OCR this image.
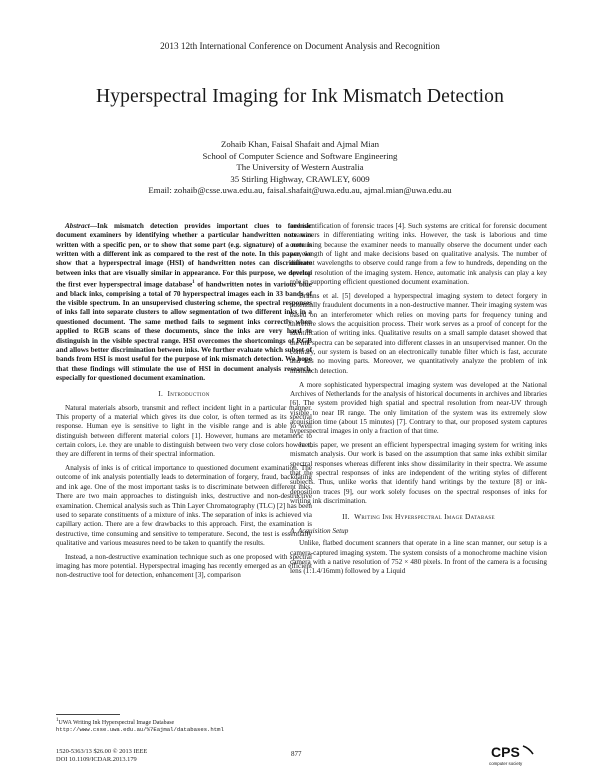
2013 12th International Conference on Document Analysis and Recognition
Hyperspectral Imaging for Ink Mismatch Detection
Zohaib Khan, Faisal Shafait and Ajmal Mian
School of Computer Science and Software Engineering
The University of Western Australia
35 Stirling Highway, CRAWLEY, 6009
Email: zohaib@csse.uwa.edu.au, faisal.shafait@uwa.edu.au, ajmal.mian@uwa.edu.au

Abstract—Ink mismatch detection provides important clues to forensic document examiners by identifying whether a particular handwritten note was written with a specific pen, or to show that some part (e.g. signature) of a note is written with a different ink as compared to the rest of the note. In this paper, we show that a hyperspectral image (HSI) of handwritten notes can discriminate between inks that are visually similar in appearance. For this purpose, we develop the first ever hyperspectral image database$^1$ of handwritten notes in various blue and black inks, comprising a total of 70 hyperspectral images each in 33 bands of the visible spectrum. In an unsupervised clustering scheme, the spectral responses of inks fall into separate clusters to allow segmentation of two different inks in a questioned document. The same method fails to segment inks correctly when applied to RGB scans of these documents, since the inks are very hard to distinguish in the visible spectral range. HSI overcomes the shortcomings of RGB and allows better discrimination between inks. We further evaluate which subset of bands from HSI is most useful for the purpose of ink mismatch detection. We hope that these findings will stimulate the use of HSI in document analysis research, especially for questioned document examination.

I. Introduction

Natural materials absorb, transmit and reflect incident light in a particular manner. This property of a material which gives its due color, is often termed as its spectral response. Human eye is sensitive to light in the visible range and is able to well distinguish between different material colors [1]. However, humans are metameric to certain colors, i.e. they are unable to distinguish between two very close colors however, they are different in terms of their spectral information.

Analysis of inks is of critical importance to questioned document examination. The outcome of ink analysis potentially leads to determination of forgery, fraud, backdating and ink age. One of the most important tasks is to discriminate between different inks. There are two main approaches to distinguish inks, destructive and non-destructive examination. Chemical analysis such as Thin Layer Chromatography (TLC) [2] has been used to separate constituents of a mixture of inks. The separation of inks is achieved via capillary action. There are a few drawbacks to this approach. First, the examination is destructive, time consuming and sensitive to temperature. Second, the test is essentially qualitative and various measures need to be taken to quantify the results.

Instead, a non-destructive examination technique such as one proposed with spectral imaging has more potential. Hyperspectral imaging has recently emerged as an efficient non-destructive tool for detection, enhancement [3], comparison

and identification of forensic traces [4]. Such systems are critical for forensic document examiners in differentiating writing inks. However, the task is laborious and time consuming because the examiner needs to manually observe the document under each wavelength of light and make decisions based on qualitative analysis. The number of different wavelengths to observe could range from a few to hundreds, depending on the spectral resolution of the imaging system. Hence, automatic ink analysis can play a key role in supporting efficient questioned document examination.

Brauns et al. [5] developed a hyperspectral imaging system to detect forgery in potentially fraudulent documents in a non-destructive manner. Their imaging system was based on an interferometer which relies on moving parts for frequency tuning and therefore slows the acquisition process. Their work serves as a proof of concept for the identification of writing inks. Qualitative results on a small sample dataset showed that the ink spectra can be separated into different classes in an unsupervised manner. On the contrary, our system is based on an electronically tunable filter which is fast, accurate and has no moving parts. Moreover, we quantitatively analyze the problem of ink mismatch detection.

A more sophisticated hyperspectral imaging system was developed at the National Archives of Netherlands for the analysis of historical documents in archives and libraries [6]. The system provided high spatial and spectral resolution from near-UV through visible to near IR range. The only limitation of the system was its extremely slow acquisition time (about 15 minutes) [7]. Contrary to that, our proposed system captures hyperspectral images in only a fraction of that time.

In this paper, we present an efficient hyperspectral imaging system for writing inks mismatch analysis. Our work is based on the assumption that same inks exhibit similar spectral responses whereas different inks show dissimilarity in their spectra. We assume that the spectral responses of inks are independent of the writing styles of different subjects. Thus, unlike works that identify hand writings by the texture [8] or ink-deposition traces [9], our work solely focuses on the spectral responses of inks for writing ink discrimination.

II. Writing Ink Hyperspectral Image Database
A. Acquisition Setup

Unlike, flatbed document scanners that operate in a line scan manner, our setup is a camera-captured imaging system. The system consists of a monochrome machine vision camera with a native resolution of 752 × 480 pixels. In front of the camera is a focusing lens (1:1.4/16mm) followed by a Liquid

$^1$UWA Writing Ink Hyperspectral Image Database
http://www.csse.uwa.edu.au/%7Eajmal/databases.html
1520-5363/13 $26.00 © 2013 IEEE
DOI 10.1109/ICDAR.2013.179
877	CPS
computer society
